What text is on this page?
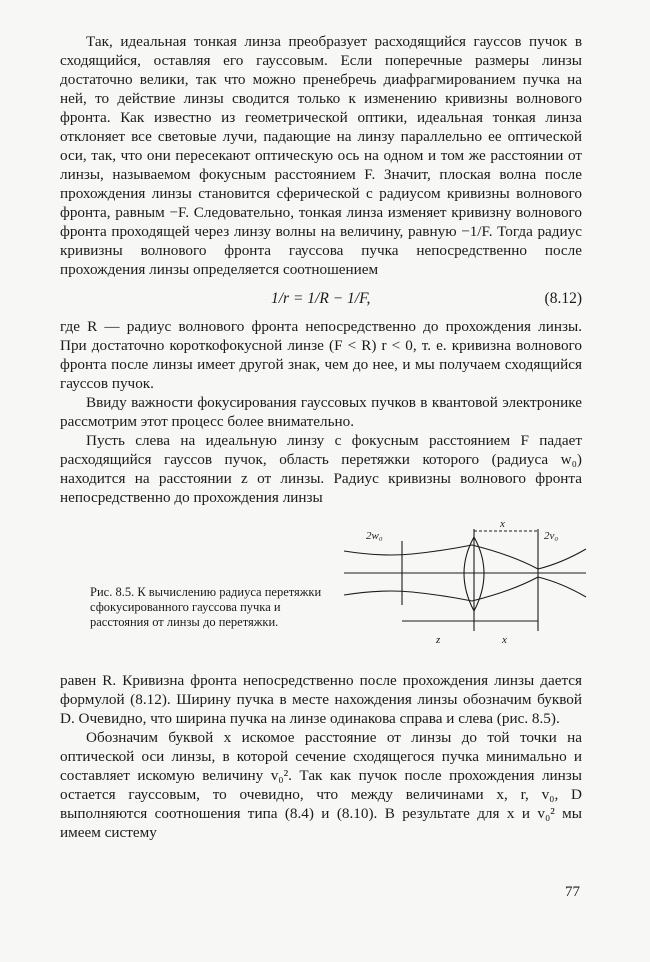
Так, идеальная тонкая линза преобразует расходящийся гауссов пучок в сходящийся, оставляя его гауссовым. Если поперечные размеры линзы достаточно велики, так что можно пренебречь диафрагмированием пучка на ней, то действие линзы сводится только к изменению кривизны волнового фронта. Как известно из геометрической оптики, идеальная тонкая линза отклоняет все световые лучи, падающие на линзу параллельно ее оптической оси, так, что они пересекают оптическую ось на одном и том же расстоянии от линзы, называемом фокусным расстоянием F. Значит, плоская волна после прохождения линзы становится сферической с радиусом кривизны волнового фронта, равным −F. Следовательно, тонкая линза изменяет кривизну волнового фронта проходящей через линзу волны на величину, равную −1/F. Тогда радиус кривизны волнового фронта гауссова пучка непосредственно после прохождения линзы определяется соотношением

1/r = 1/R − 1/F,	(8.12)

где R — радиус волнового фронта непосредственно до прохождения линзы. При достаточно короткофокусной линзе (F < R) r < 0, т. е. кривизна волнового фронта после линзы имеет другой знак, чем до нее, и мы получаем сходящийся гауссов пучок.

Ввиду важности фокусирования гауссовых пучков в квантовой электронике рассмотрим этот процесс более внимательно.

Пусть слева на идеальную линзу с фокусным расстоянием F падает расходящийся гауссов пучок, область перетяжки которого (радиуса w₀) находится на расстоянии z от линзы. Радиус кривизны волнового фронта непосредственно до прохождения линзы

Рис. 8.5. К вычислению радиуса перетяжки сфокусированного гауссова пучка и расстояния от линзы до перетяжки.
2w₀
x
2v₀
z	x

равен R. Кривизна фронта непосредственно после прохождения линзы дается формулой (8.12). Ширину пучка в месте нахождения линзы обозначим буквой D. Очевидно, что ширина пучка на линзе одинакова справа и слева (рис. 8.5).

Обозначим буквой x искомое расстояние от линзы до той точки на оптической оси линзы, в которой сечение сходящегося пучка минимально и составляет искомую величину v₀². Так как пучок после прохождения линзы остается гауссовым, то очевидно, что между величинами x, r, v₀, D выполняются соотношения типа (8.4) и (8.10). В результате для x и v₀² мы имеем систему

77
